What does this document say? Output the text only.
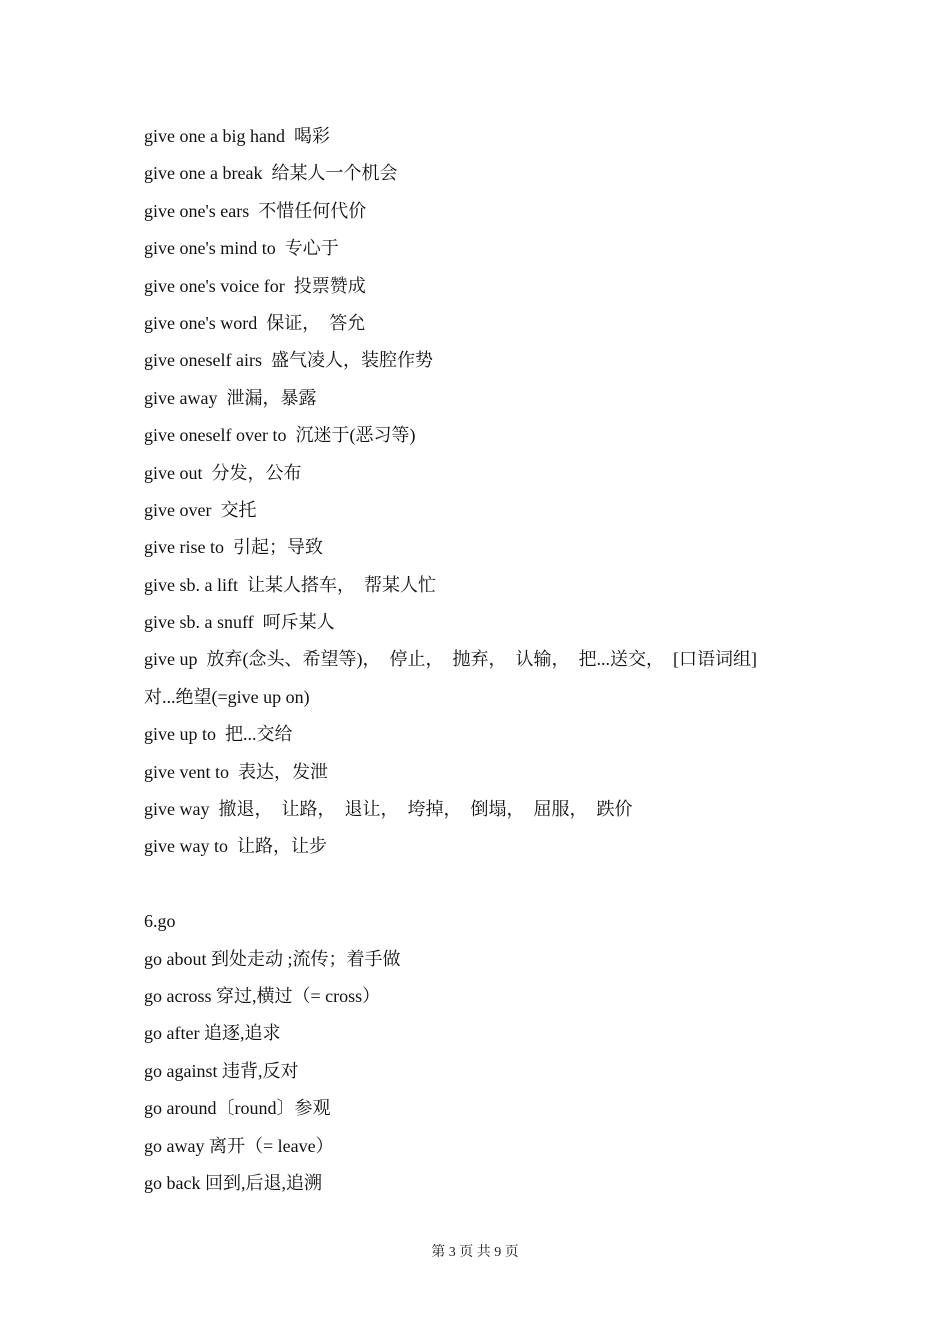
give one a big hand  喝彩
give one a break  给某人一个机会
give one's ears  不惜任何代价
give one's mind to  专心于
give one's voice for  投票赞成
give one's word  保证，  答允
give oneself airs  盛气凌人，装腔作势
give away  泄漏，暴露
give oneself over to  沉迷于(恶习等)
give out  分发，公布
give over  交托
give rise to  引起；导致
give sb. a lift  让某人搭车，  帮某人忙
give sb. a snuff  呵斥某人
give up  放弃(念头、希望等)，  停止，  抛弃，  认输，  把...送交，  [口语词组]
对...绝望(=give up on)
give up to  把...交给
give vent to  表达，发泄
give way  撤退，  让路，  退让，  垮掉，  倒塌，  屈服，  跌价
give way to  让路，让步
6.go
go about 到处走动 ;流传；着手做
go across 穿过,横过（= cross）
go after 追逐,追求
go against 违背,反对
go around〔round〕参观
go away 离开（= leave）
go back 回到,后退,追溯
第 3 页 共 9 页
